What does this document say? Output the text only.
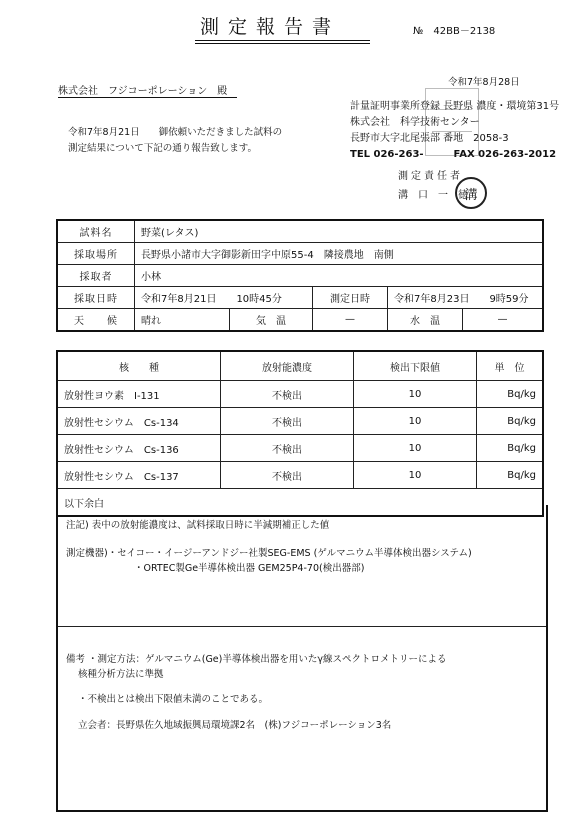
測定報告書	№　42BB－2138
令和7年8月28日
株式会社　フジコーポレーション　殿
計量証明事業所登録 長野県 濃度・環境第31号
株式会社　科学技術センター
長野市大字北尾張部 番地　2058-3
TEL 026-263-　　　FAX 026-263-2012
令和7年8月21日　　御依頼いただきました試料の
測定結果について下記の通り報告致します。
測定責任者
溝　口　一　徳
溝
試料名	野菜(レタス)				
採取場所	長野県小諸市大字御影新田字中原55-4　隣接農地　南側				
採取者	小林				
採取日時	令和7年8月21日　　10時45分		測定日時	令和7年8月23日　　9時59分	
天　　候	晴れ	気　温	—	水　温	—
核　　種	放射能濃度	検出下限値	単　位
放射性ヨウ素　I-131	不検出	10	Bq/kg
放射性セシウム　Cs-134	不検出	10	Bq/kg
放射性セシウム　Cs-136	不検出	10	Bq/kg
放射性セシウム　Cs-137	不検出	10	Bq/kg
以下余白			
注記) 表中の放射能濃度は、試料採取日時に半減期補正した値
測定機器)・セイコー・イージーアンドジー社製SEG-EMS (ゲルマニウム半導体検出器システム)
・ORTEC製Ge半導体検出器 GEM25P4-70(検出器部)
備考 ・測定方法：ゲルマニウム(Ge)半導体検出器を用いたγ線スペクトロメトリーによる
核種分析方法に準拠
・不検出とは検出下限値未満のことである。
立会者：長野県佐久地域振興局環境課2名　(株)フジコーポレーション3名
